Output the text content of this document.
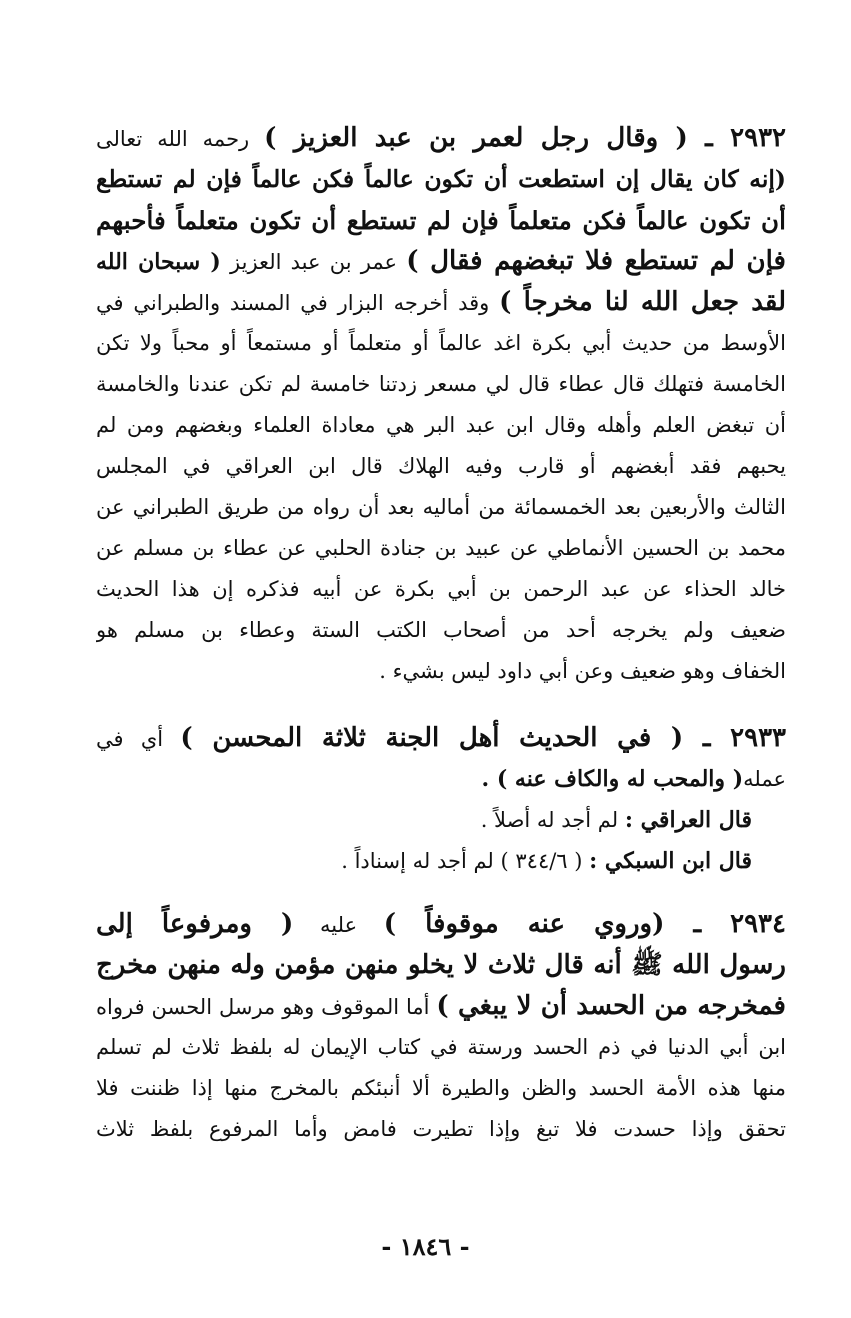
٢٩٣٢ ـ ( وقال رجل لعمر بن عبد العزيز ) رحمه الله تعالى
(إنه كان يقال إن استطعت أن تكون عالماً فكن عالماً فإن لم تستطع
أن تكون عالماً فكن متعلماً فإن لم تستطع أن تكون متعلماً فأحبهم
فإن لم تستطع فلا تبغضهم فقال ) عمر بن عبد العزيز ( سبحان الله
لقد جعل الله لنا مخرجاً ) وقد أخرجه البزار في المسند والطبراني في
الأوسط من حديث أبي بكرة اغد عالماً أو متعلماً أو مستمعاً أو محباً ولا تكن
الخامسة فتهلك قال عطاء قال لي مسعر زدتنا خامسة لم تكن عندنا والخامسة
أن تبغض العلم وأهله وقال ابن عبد البر هي معاداة العلماء وبغضهم ومن لم
يحبهم فقد أبغضهم أو قارب وفيه الهلاك قال ابن العراقي في المجلس
الثالث والأربعين بعد الخمسمائة من أماليه بعد أن رواه من طريق الطبراني عن
محمد بن الحسين الأنماطي عن عبيد بن جنادة الحلبي عن عطاء بن مسلم عن
خالد الحذاء عن عبد الرحمن بن أبي بكرة عن أبيه فذكره إن هذا الحديث
ضعيف ولم يخرجه أحد من أصحاب الكتب الستة وعطاء بن مسلم هو
الخفاف وهو ضعيف وعن أبي داود ليس بشيء .
٢٩٣٣ ـ ( في الحديث أهل الجنة ثلاثة المحسن ) أي في
عمله( والمحب له والكاف عنه ) .
قال العراقي : لم أجد له أصلاً .
قال ابن السبكي : ( ٣٤٤/٦ ) لم أجد له إسناداً .
٢٩٣٤ ـ (وروي عنه موقوفاً ) عليه ( ومرفوعاً إلى
رسول الله ﷺ أنه قال ثلاث لا يخلو منهن مؤمن وله منهن مخرج
فمخرجه من الحسد أن لا يبغي ) أما الموقوف وهو مرسل الحسن فرواه
ابن أبي الدنيا في ذم الحسد ورستة في كتاب الإيمان له بلفظ ثلاث لم تسلم
منها هذه الأمة الحسد والظن والطيرة ألا أنبئكم بالمخرج منها إذا ظننت فلا
تحقق وإذا حسدت فلا تبغ وإذا تطيرت فامض وأما المرفوع بلفظ ثلاث
- ١٨٤٦ -
